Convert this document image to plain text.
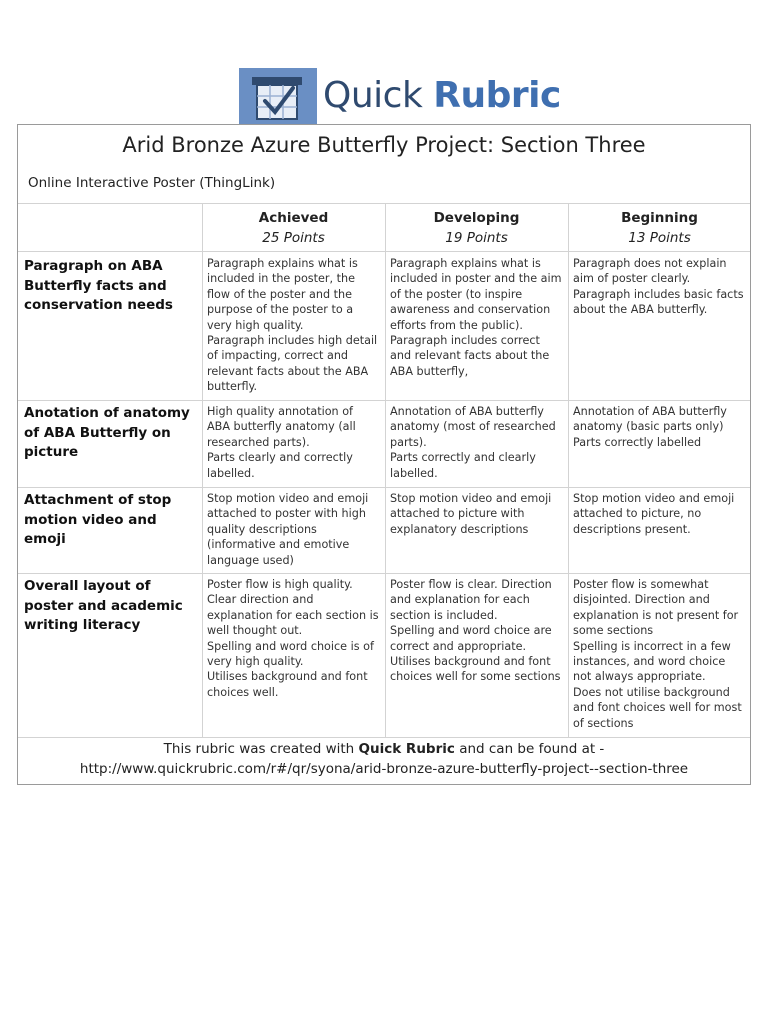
Quick Rubric
Arid Bronze Azure Butterfly Project: Section Three
Online Interactive Poster (ThingLink)
Achieved
25 Points
Developing
19 Points
Beginning
13 Points
Paragraph on ABA Butterfly facts and conservation needs
Paragraph explains what is included in the poster, the flow of the poster and the purpose of the poster to a very high quality.
Paragraph includes high detail of impacting, correct and relevant facts about the ABA butterfly.
Paragraph explains what is included in poster and the aim of the poster (to inspire awareness and conservation efforts from the public).
Paragraph includes correct and relevant facts about the ABA butterfly,
Paragraph does not explain aim of poster clearly.
Paragraph includes basic facts about the ABA butterfly.
Anotation of anatomy of ABA Butterfly on picture
High quality annotation of ABA butterfly anatomy (all researched parts).
Parts clearly and correctly labelled.
Annotation of ABA butterfly anatomy (most of researched parts).
Parts correctly and clearly labelled.
Annotation of ABA butterfly anatomy (basic parts only)
Parts correctly labelled
Attachment of stop motion video and emoji
Stop motion video and emoji attached to poster with high quality descriptions (informative and emotive language used)
Stop motion video and emoji attached to picture with explanatory descriptions
Stop motion video and emoji attached to picture, no descriptions present.
Overall layout of poster and academic writing literacy
Poster flow is high quality. Clear direction and explanation for each section is well thought out.
Spelling and word choice is of very high quality.
Utilises background and font choices well.
Poster flow is clear. Direction and explanation for each section is included.
Spelling and word choice are correct and appropriate.
Utilises background and font choices well for some sections
Poster flow is somewhat disjointed. Direction and explanation is not present for some sections
Spelling is incorrect in a few instances, and word choice not always appropriate.
Does not utilise background and font choices well for most of sections
This rubric was created with Quick Rubric and can be found at - http://www.quickrubric.com/r#/qr/syona/arid-bronze-azure-butterfly-project--section-three
